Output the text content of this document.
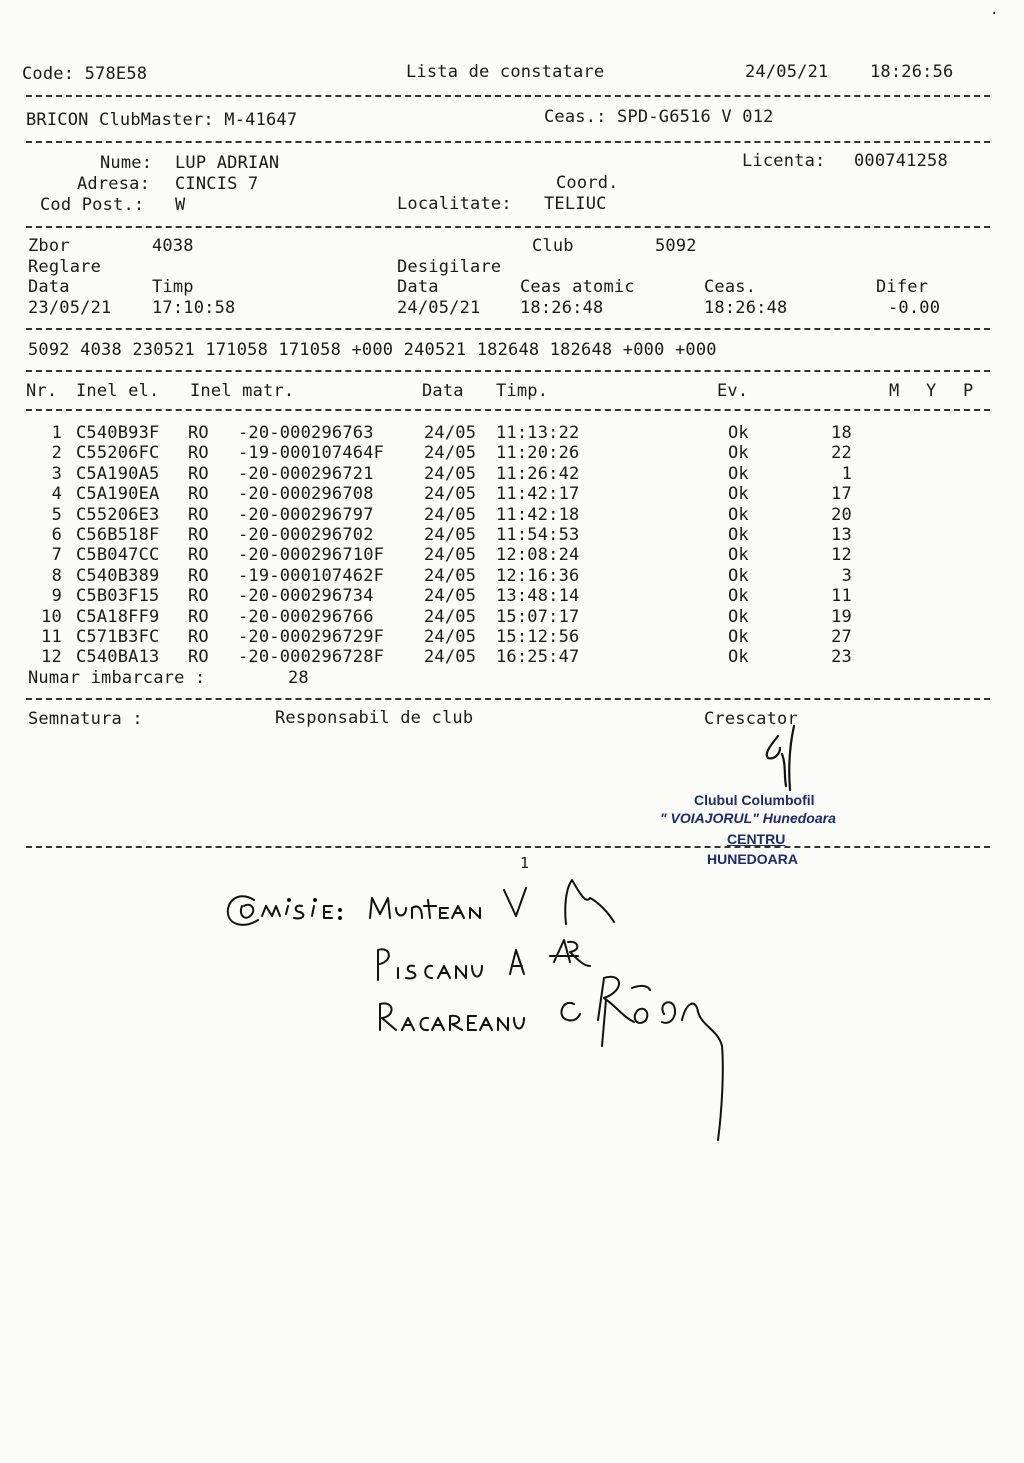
Code: 578E58	Lista de constatare	24/05/21 18:26:56
BRICON ClubMaster: M-41647	Ceas.: SPD-G6516 V 012
Nume: LUP ADRIAN	Licenta: 000741258
Adresa: CINCIS 7	Coord.
Cod Post.: W	Localitate: TELIUC
Zbor	4038	Club	5092
Reglare	Desigilare
Data	Timp	Data	Ceas atomic	Ceas.	Difer
23/05/21 17:10:58	24/05/21 18:26:48	18:26:48	-0.00
5092 4038 230521 171058 171058 +000 240521 182648 182648 +000 +000
Nr. Inel el. Inel matr.	Data Timp.	Ev.	M Y P
1 C540B93F RO -20-000296763	24/05 11:13:22	Ok	18
2 C55206FC RO -19-000107464F 24/05 11:20:26	Ok	22
3 C5A190A5 RO -20-000296721	24/05 11:26:42	Ok	1
4 C5A190EA RO -20-000296708	24/05 11:42:17	Ok	17
5 C55206E3 RO -20-000296797	24/05 11:42:18	Ok	20
6 C56B518F RO -20-000296702	24/05 11:54:53	Ok	13
7 C5B047CC RO -20-000296710F 24/05 12:08:24	Ok	12
8 C540B389 RO -19-000107462F 24/05 12:16:36	Ok	3
9 C5B03F15 RO -20-000296734	24/05 13:48:14	Ok	11
10 C5A18FF9 RO -20-000296766	24/05 15:07:17	Ok	19
11 C571B3FC RO -20-000296729F 24/05 15:12:56	Ok	27
12 C540BA13 RO -20-000296728F 24/05 16:25:47	Ok	23
Numar imbarcare :	28
Semnatura :	Responsabil de club	Crescator
Clubul Columbofil
" VOIAJORUL" Hunedoara
CENTRU
HUNEDOARA
1
·
